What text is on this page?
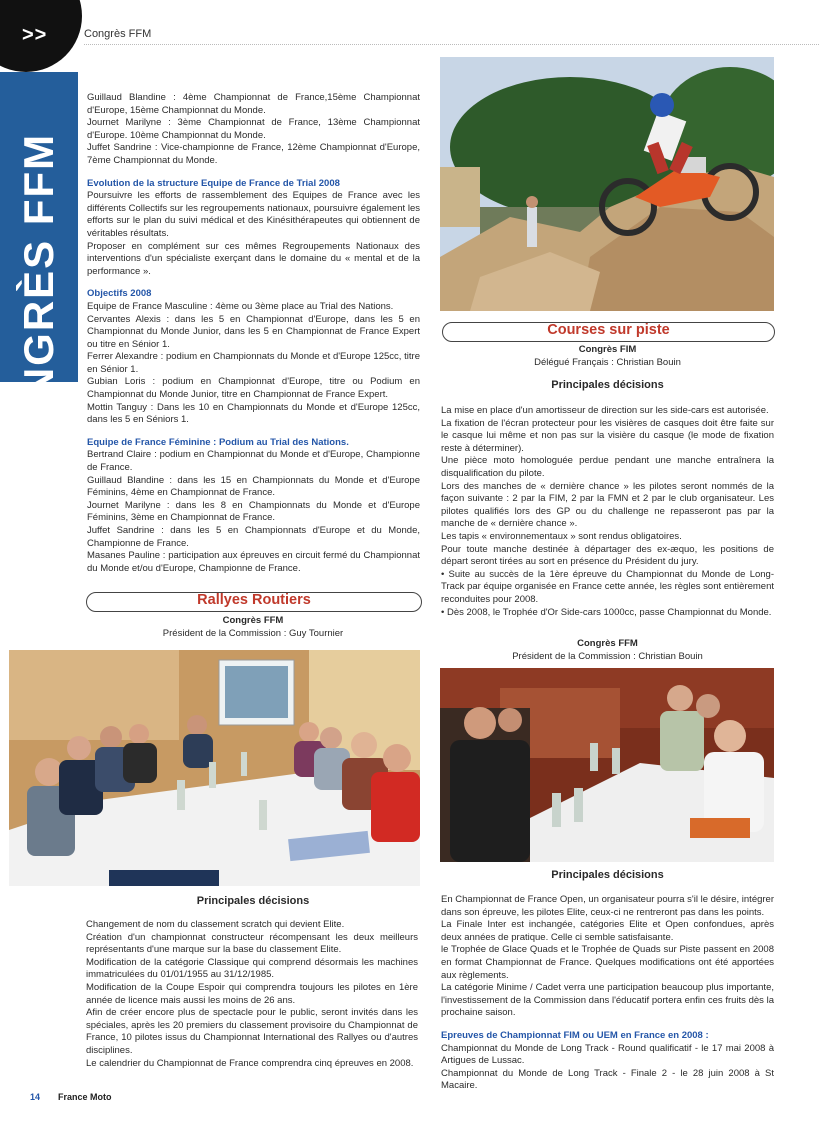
>>	Congrès FFM
CONGRÈS FFM

Guillaud Blandine : 4ème Championnat de France,15ème Championnat d'Europe, 15ème Championnat du Monde.

Journet Marilyne : 3ème Championnat de France, 13ème Championnat d'Europe. 10ème Championnat du Monde.

Juffet Sandrine : Vice-championne de France, 12ème Championnat d'Europe, 7ème Championnat du Monde.

Evolution de la structure Equipe de France de Trial 2008

Poursuivre les efforts de rassemblement des Equipes de France avec les différents Collectifs sur les regroupements nationaux, poursuivre également les efforts sur le plan du suivi médical et des Kinésithérapeutes qui obtiennent de véritables résultats.

Proposer en complément sur ces mêmes Regroupements Nationaux des interventions d'un spécialiste exerçant dans le domaine du « mental et de la performance ».

Objectifs 2008

Equipe de France Masculine : 4ème ou 3ème place au Trial des Nations.

Cervantes Alexis : dans les 5 en Championnat d'Europe, dans les 5 en Championnat du Monde Junior, dans les 5 en Championnat de France Expert ou titre en Sénior 1.

Ferrer Alexandre : podium en Championnats du Monde et d'Europe 125cc, titre en Sénior 1.

Gubian Loris : podium en Championnat d'Europe, titre ou Podium en Championnat du Monde Junior, titre en Championnat de France Expert.

Mottin Tanguy : Dans les 10 en Championnats du Monde et d'Europe 125cc, dans les 5 en Séniors 1.

Equipe de France Féminine : Podium au Trial des Nations.

Bertrand Claire : podium en Championnat du Monde et d'Europe, Championne de France.

Guillaud Blandine : dans les 15 en Championnats du Monde et d'Europe Féminins, 4ème en Championnat de France.

Journet Marilyne : dans les 8 en Championnats du Monde et d'Europe Féminins, 3ème en Championnat de France.

Juffet Sandrine : dans les 5 en Championnats d'Europe et du Monde, Championne de France.

Masanes Pauline : participation aux épreuves en circuit fermé du Championnat du Monde et/ou d'Europe, Championne de France.

Rallyes Routiers
Congrès FFM
Président de la Commission : Guy Tournier
Principales décisions

Changement de nom du classement scratch qui devient Elite.

Création d'un championnat constructeur récompensant les deux meilleurs représentants d'une marque sur la base du classement Elite.

Modification de la catégorie Classique qui comprend désormais les machines immatriculées du 01/01/1955 au 31/12/1985.

Modification de la Coupe Espoir qui comprendra toujours les pilotes en 1ère année de licence mais aussi les moins de 26 ans.

Afin de créer encore plus de spectacle pour le public, seront invités dans les spéciales, après les 20 premiers du classement provisoire du Championnat de France, 10 pilotes issus du Championnat International des Rallyes ou d'autres disciplines.

Le calendrier du Championnat de France comprendra cinq épreuves en 2008.

Courses sur piste
Congrès FIM
Délégué Français : Christian Bouin
Principales décisions

La mise en place d'un amortisseur de direction sur les side-cars est autorisée.

La fixation de l'écran protecteur pour les visières de casques doit être faite sur le casque lui même et non pas sur la visière du casque (le mode de fixation reste à déterminer).

Une pièce moto homologuée perdue pendant une manche entraînera la disqualification du pilote.

Lors des manches de « dernière chance » les pilotes seront nommés de la façon suivante : 2 par la FIM, 2 par la FMN et 2 par le club organisateur. Les pilotes qualifiés lors des GP ou du challenge ne repasseront pas par la manche de « dernière chance ».

Les tapis « environnementaux » sont rendus obligatoires.

Pour toute manche destinée à départager des ex-æquo, les positions de départ seront tirées au sort en présence du Président du jury.

• Suite au succès de la 1ère épreuve du Championnat du Monde de Long-Track par équipe organisée en France cette année, les règles sont entièrement reconduites pour 2008.

• Dès 2008, le Trophée d'Or Side-cars 1000cc, passe Championnat du Monde.

Congrès FFM
Président de la Commission : Christian Bouin
Principales décisions

En Championnat de France Open, un organisateur pourra s'il le désire, intégrer dans son épreuve, les pilotes Elite, ceux-ci ne rentreront pas dans les points.

La Finale Inter est inchangée, catégories Elite et Open confondues, après deux années de pratique. Celle ci semble satisfaisante.

le Trophée de Glace Quads et le Trophée de Quads sur Piste passent en 2008 en format Championnat de France. Quelques modifications ont été apportées aux règlements.

La catégorie Minime / Cadet verra une participation beaucoup plus importante, l'investissement de la Commission dans l'éducatif portera enfin ces fruits dès la prochaine saison.

Epreuves de Championnat FIM ou UEM en France en 2008 :

Championnat du Monde de Long Track - Round qualificatif - le 17 mai 2008 à Artigues de Lussac.

Championnat du Monde de Long Track - Finale 2 - le 28 juin 2008 à St Macaire.

14 France Moto
